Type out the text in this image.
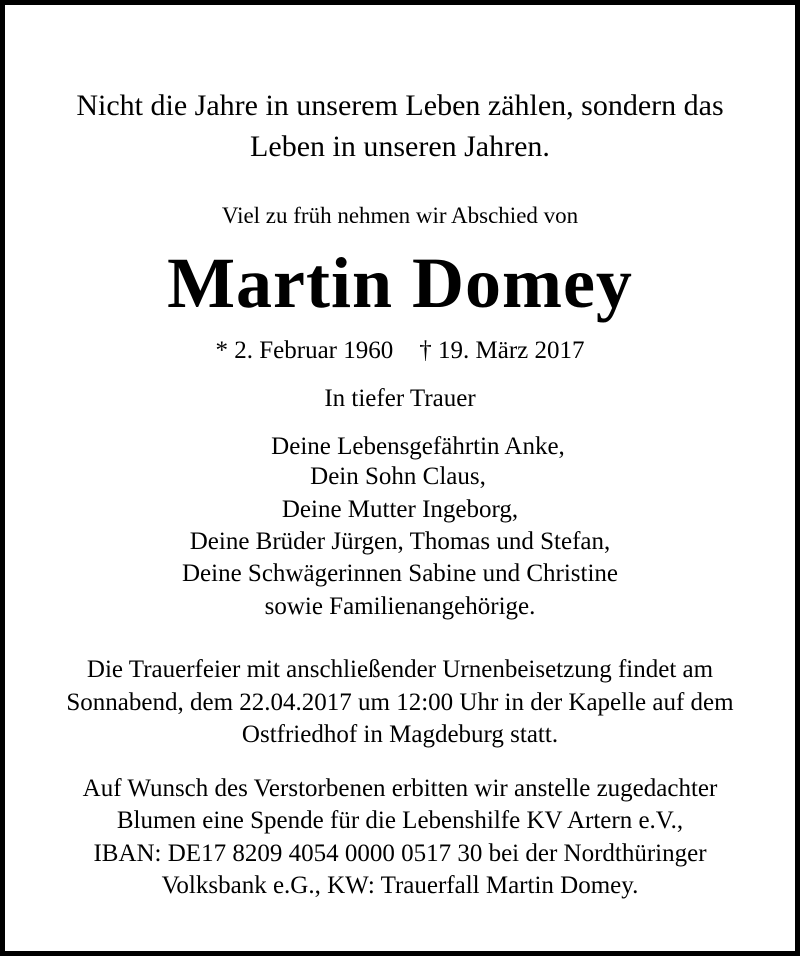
Nicht die Jahre in unserem Leben zählen, sondern das
Leben in unseren Jahren.
Viel zu früh nehmen wir Abschied von
Martin Domey
* 2. Februar 1960 † 19. März 2017
In tiefer Trauer
Deine Lebensgefährtin Anke,
Dein Sohn Claus,
Deine Mutter Ingeborg,
Deine Brüder Jürgen, Thomas und Stefan,
Deine Schwägerinnen Sabine und Christine
sowie Familienangehörige.
Die Trauerfeier mit anschließender Urnenbeisetzung findet am
Sonnabend, dem 22.04.2017 um 12:00 Uhr in der Kapelle auf dem
Ostfriedhof in Magdeburg statt.
Auf Wunsch des Verstorbenen erbitten wir anstelle zugedachter
Blumen eine Spende für die Lebenshilfe KV Artern e.V.,
IBAN: DE17 8209 4054 0000 0517 30 bei der Nordthüringer
Volksbank e.G., KW: Trauerfall Martin Domey.
